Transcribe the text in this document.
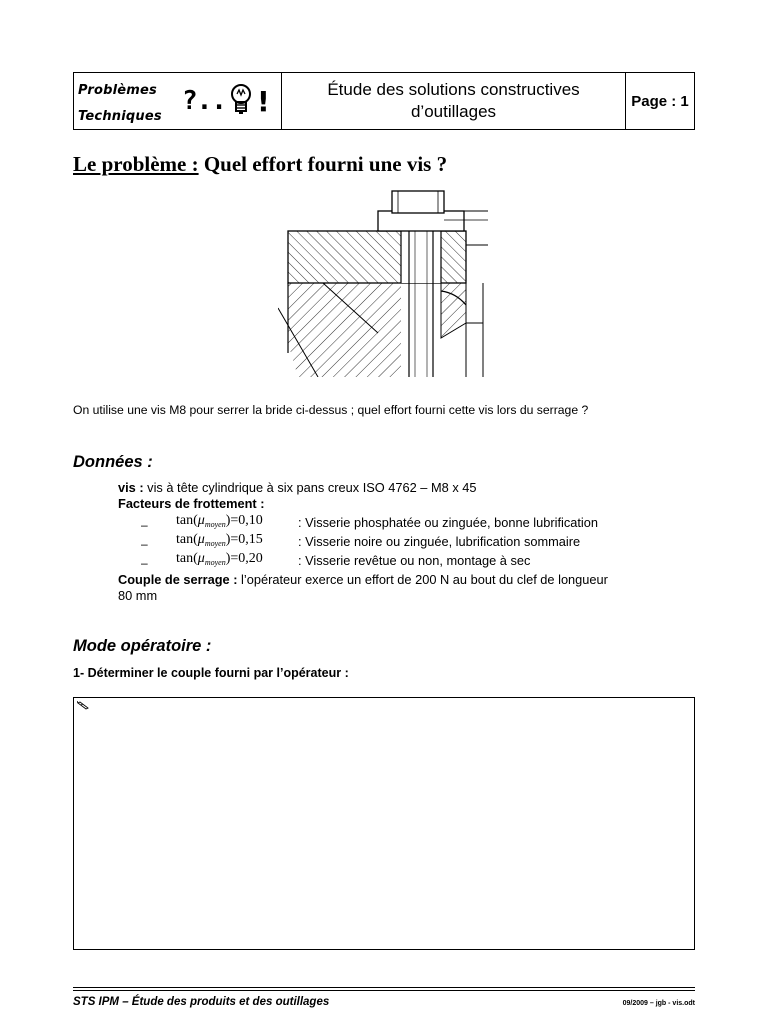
Problèmes
Techniques
?.. !	Étude des solutions constructives
d’outillages
Page : 1
Le problème : Quel effort fourni une vis ?
On utilise une vis M8 pour serrer la bride ci-dessus ; quel effort fourni cette vis lors du serrage ?
Données :
vis : vis à tête cylindrique à six pans creux ISO 4762 – M8 x 45
Facteurs de frottement :
– $\tan(\mu_{moyen})=0,10$	: Visserie phosphatée ou zinguée, bonne lubrification
– $\tan(\mu_{moyen})=0,15$	: Visserie noire ou zinguée, lubrification sommaire
– $\tan(\mu_{moyen})=0,20$	: Visserie revêtue ou non, montage à sec
Couple de serrage : l’opérateur exerce un effort de 200 N au bout du clef de longueur
80 mm
Mode opératoire :
1- Déterminer le couple fourni par l’opérateur :
STS IPM – Étude des produits et des outillages	09/2009 – jgb - vis.odt
